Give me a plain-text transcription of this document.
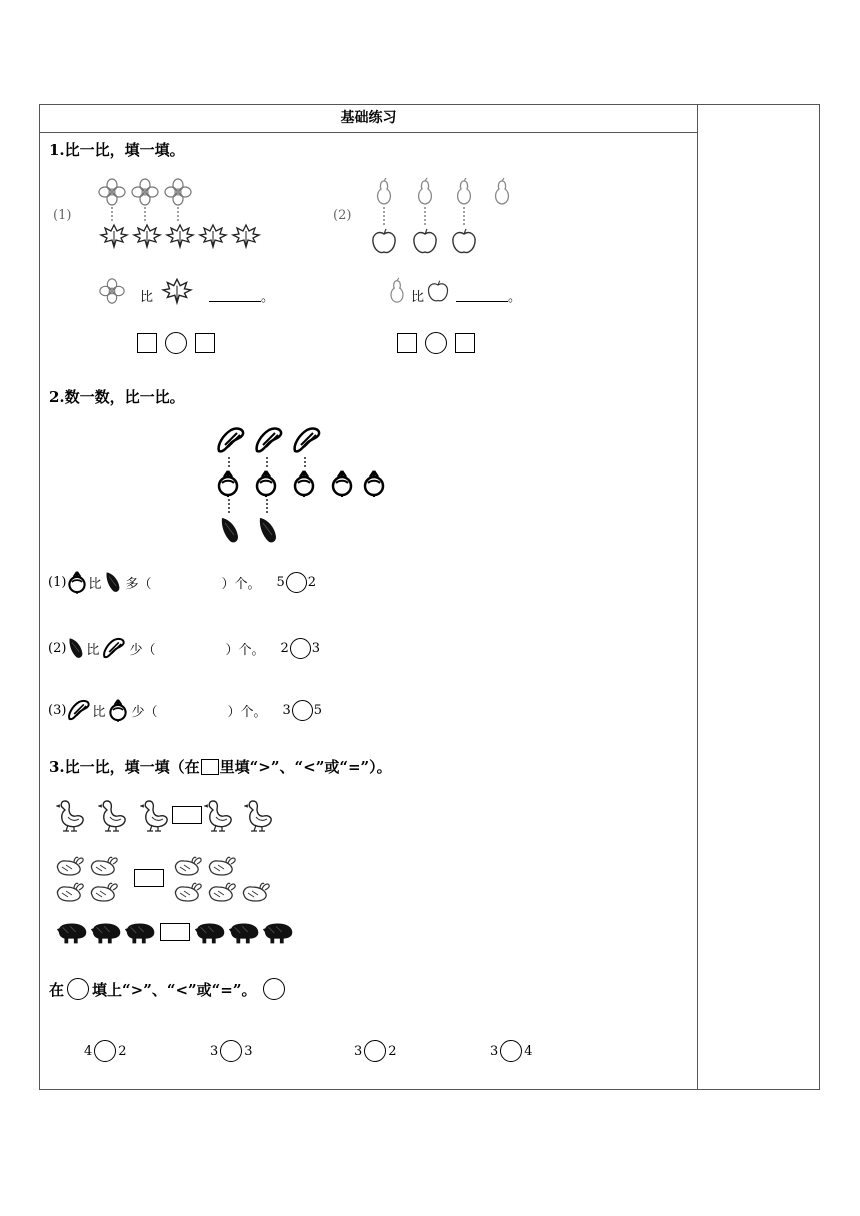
基础练习
1.比一比，填一填。
(1)	(2)
比	。	比	。
2.数一数，比一比。
(1) 比 多（	）个。 5 2
(2) 比 少（	）个。 2 3
(3) 比 少（	）个。 3 5
3.比一比，填一填（在 里填“>”、“<”或“=”）。
在 填上“>”、“<”或“=”。
4 2	3 3	3 2	3 4
